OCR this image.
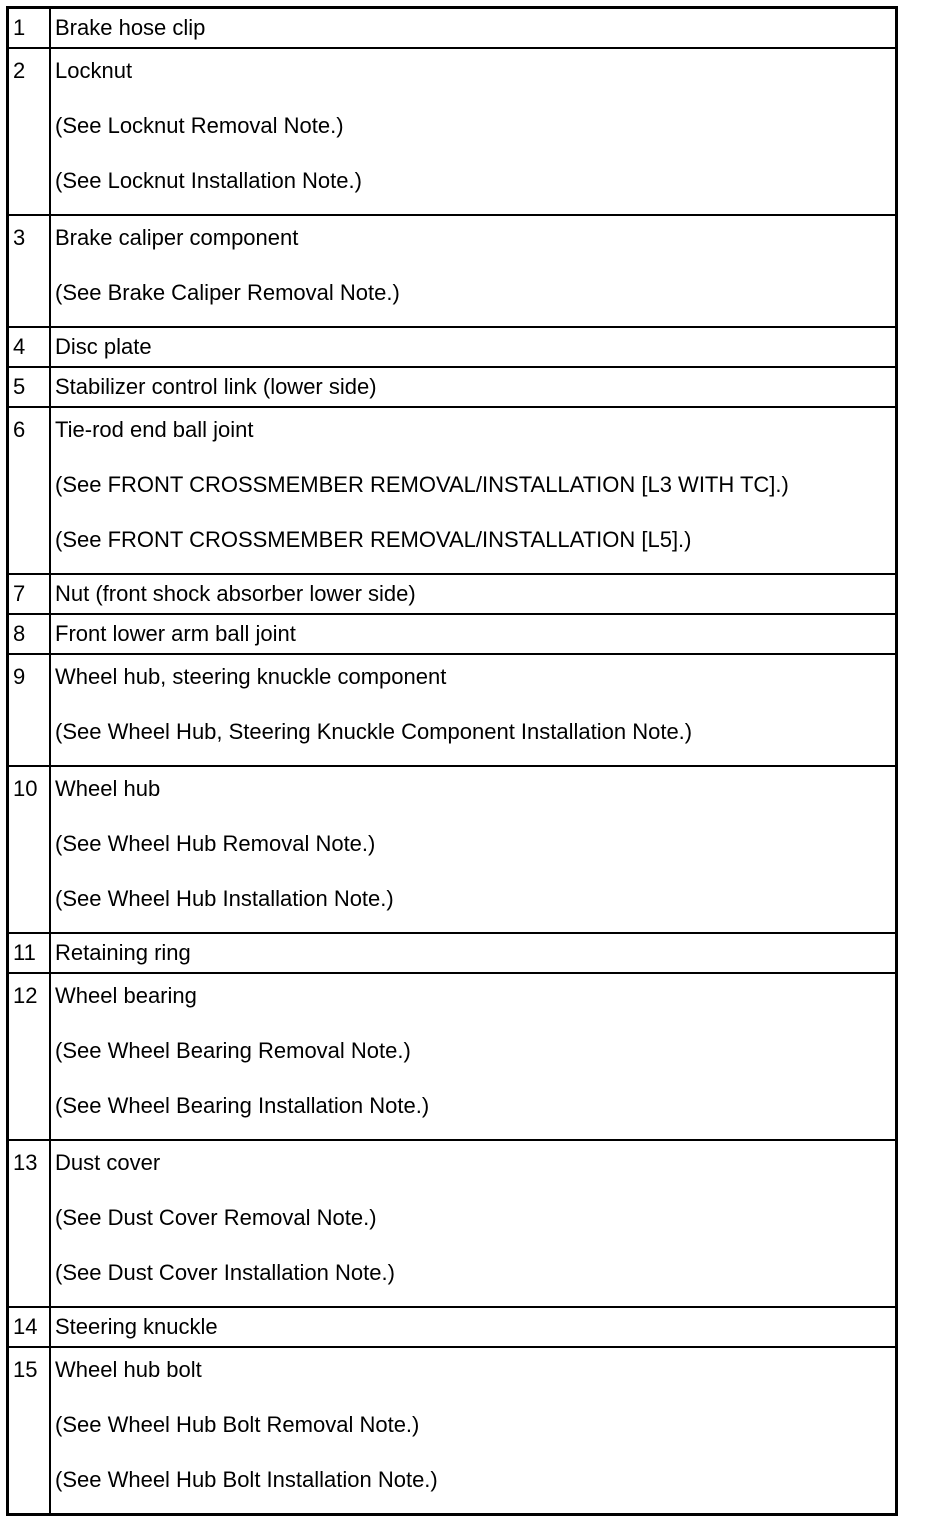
1	Brake hose clip

2	Locknut
(See Locknut Removal Note.)
(See Locknut Installation Note.)

3	Brake caliper component
(See Brake Caliper Removal Note.)

4	Disc plate

5	Stabilizer control link (lower side)

6	Tie-rod end ball joint
(See FRONT CROSSMEMBER REMOVAL/INSTALLATION [L3 WITH TC].)
(See FRONT CROSSMEMBER REMOVAL/INSTALLATION [L5].)

7	Nut (front shock absorber lower side)

8	Front lower arm ball joint

9	Wheel hub, steering knuckle component
(See Wheel Hub, Steering Knuckle Component Installation Note.)

10	Wheel hub
(See Wheel Hub Removal Note.)
(See Wheel Hub Installation Note.)

11	Retaining ring

12	Wheel bearing
(See Wheel Bearing Removal Note.)
(See Wheel Bearing Installation Note.)

13	Dust cover
(See Dust Cover Removal Note.)
(See Dust Cover Installation Note.)

14	Steering knuckle

15	Wheel hub bolt
(See Wheel Hub Bolt Removal Note.)
(See Wheel Hub Bolt Installation Note.)
